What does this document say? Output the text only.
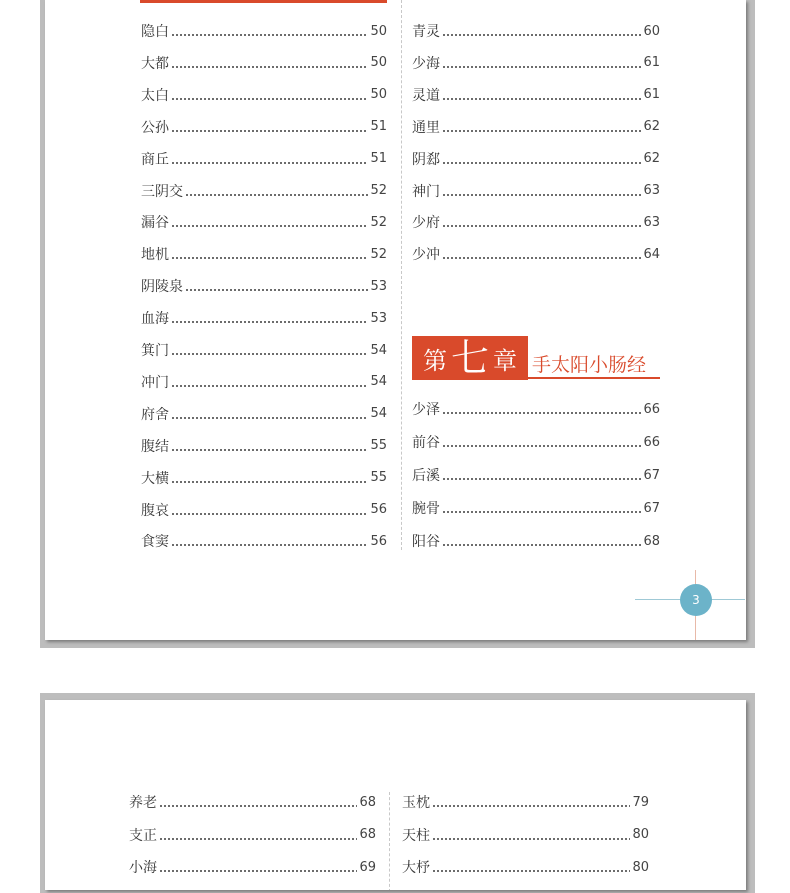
隐白	50
大都	50
太白	50
公孙	51
商丘	51
三阴交	52
漏谷	52
地机	52
阴陵泉	53
血海	53
箕门	54
冲门	54
府舍	54
腹结	55
大横	55
腹哀	56
食窦	56
青灵	60
少海	61
灵道	61
通里	62
阴郄	62
神门	63
少府	63
少冲	64
第 七 章 手太阳小肠经
少泽	66
前谷	66
后溪	67
腕骨	67
阳谷	68
3
养老	68
支正	68
小海	69
玉枕	79
天柱	80
大杼	80
